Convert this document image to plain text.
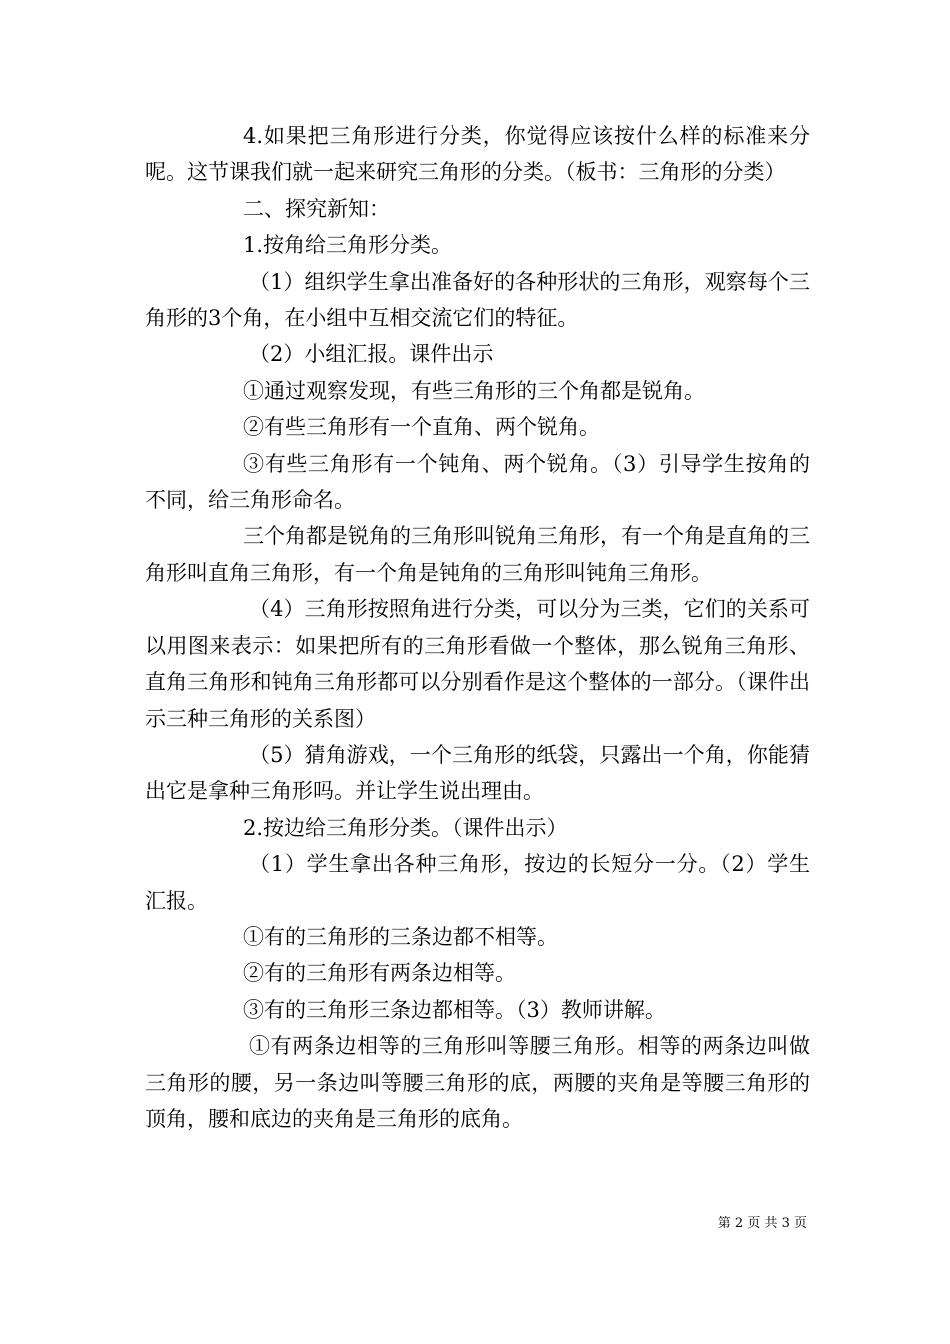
4.如果把三角形进行分类，你觉得应该按什么样的标准来分呢。这节课我们就一起来研究三角形的分类。（板书：三角形的分类）

二、探究新知：

1.按角给三角形分类。

（1）组织学生拿出准备好的各种形状的三角形，观察每个三角形的3个角，在小组中互相交流它们的特征。

（2）小组汇报。课件出示

①通过观察发现，有些三角形的三个角都是锐角。

②有些三角形有一个直角、两个锐角。

③有些三角形有一个钝角、两个锐角。（3）引导学生按角的不同，给三角形命名。

三个角都是锐角的三角形叫锐角三角形，有一个角是直角的三角形叫直角三角形，有一个角是钝角的三角形叫钝角三角形。

（4）三角形按照角进行分类，可以分为三类，它们的关系可以用图来表示：如果把所有的三角形看做一个整体，那么锐角三角形、直角三角形和钝角三角形都可以分别看作是这个整体的一部分。（课件出示三种三角形的关系图）

（5）猜角游戏，一个三角形的纸袋，只露出一个角，你能猜出它是拿种三角形吗。并让学生说出理由。

2.按边给三角形分类。（课件出示）

（1）学生拿出各种三角形，按边的长短分一分。（2）学生汇报。

①有的三角形的三条边都不相等。

②有的三角形有两条边相等。

③有的三角形三条边都相等。（3）教师讲解。

①有两条边相等的三角形叫等腰三角形。相等的两条边叫做三角形的腰，另一条边叫等腰三角形的底，两腰的夹角是等腰三角形的顶角，腰和底边的夹角是三角形的底角。

第 2 页 共 3 页
